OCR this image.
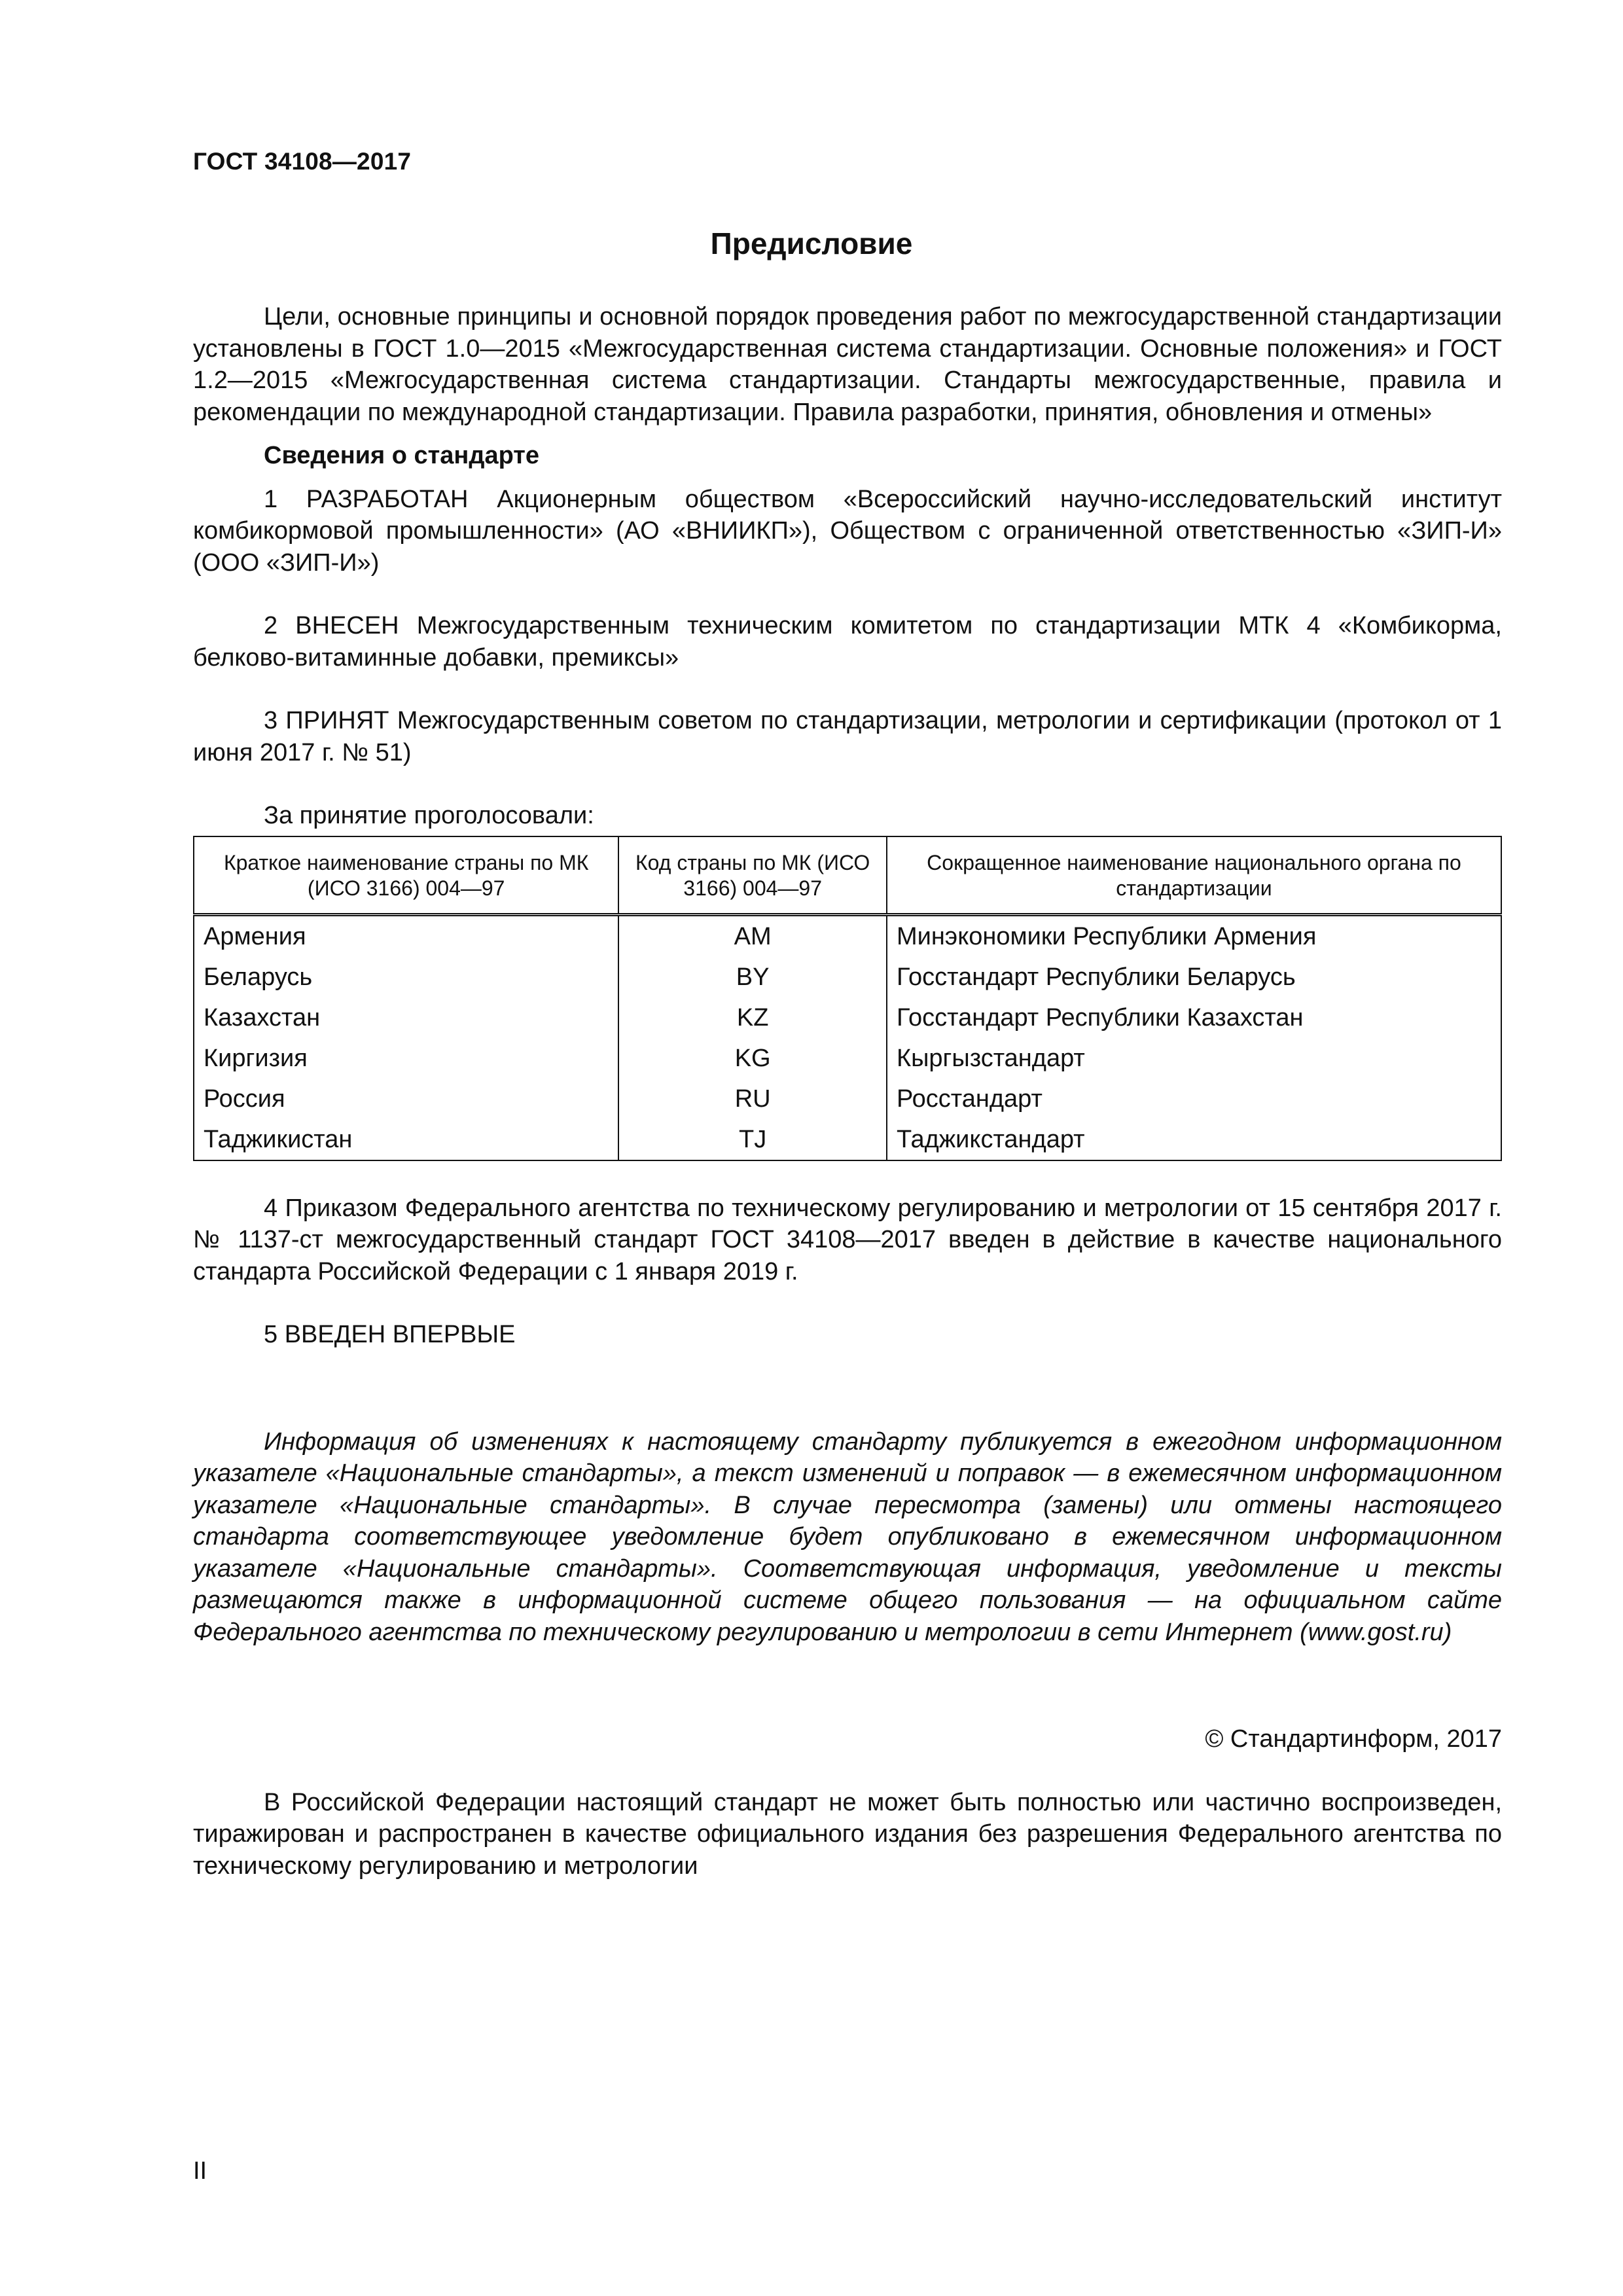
ГОСТ 34108—2017
Предисловие

Цели, основные принципы и основной порядок проведения работ по межгосударственной стандартизации установлены в ГОСТ 1.0—2015 «Межгосударственная система стандартизации. Основные положения» и ГОСТ 1.2—2015 «Межгосударственная система стандартизации. Стандарты межгосударственные, правила и рекомендации по международной стандартизации. Правила разработки, принятия, обновления и отмены»

Сведения о стандарте

1 РАЗРАБОТАН Акционерным обществом «Всероссийский научно-исследовательский институт комбикормовой промышленности» (АО «ВНИИКП»), Обществом с ограниченной ответственностью «ЗИП-И» (ООО «ЗИП-И»)

2 ВНЕСЕН Межгосударственным техническим комитетом по стандартизации МТК 4 «Комбикорма, белково-витаминные добавки, премиксы»

3 ПРИНЯТ Межгосударственным советом по стандартизации, метрологии и сертификации (протокол от 1 июня 2017 г. № 51)

За принятие проголосовали:

Краткое наименование страны по МК (ИСО 3166) 004—97	Код страны по МК (ИСО 3166) 004—97	Сокращенное наименование национального органа по стандартизации
Армения	AM	Минэкономики Республики Армения
Беларусь	BY	Госстандарт Республики Беларусь
Казахстан	KZ	Госстандарт Республики Казахстан
Киргизия	KG	Кыргызстандарт
Россия	RU	Росстандарт
Таджикистан	TJ	Таджикстандарт

4 Приказом Федерального агентства по техническому регулированию и метрологии от 15 сентября 2017 г. № 1137-ст межгосударственный стандарт ГОСТ 34108—2017 введен в действие в качестве национального стандарта Российской Федерации с 1 января 2019 г.

5 ВВЕДЕН ВПЕРВЫЕ

Информация об изменениях к настоящему стандарту публикуется в ежегодном информационном указателе «Национальные стандарты», а текст изменений и поправок — в ежемесячном информационном указателе «Национальные стандарты». В случае пересмотра (замены) или отмены настоящего стандарта соответствующее уведомление будет опубликовано в ежемесячном информационном указателе «Национальные стандарты». Соответствующая информация, уведомление и тексты размещаются также в информационной системе общего пользования — на официальном сайте Федерального агентства по техническому регулированию и метрологии в сети Интернет (www.gost.ru)

© Стандартинформ, 2017

В Российской Федерации настоящий стандарт не может быть полностью или частично воспроизведен, тиражирован и распространен в качестве официального издания без разрешения Федерального агентства по техническому регулированию и метрологии

II
